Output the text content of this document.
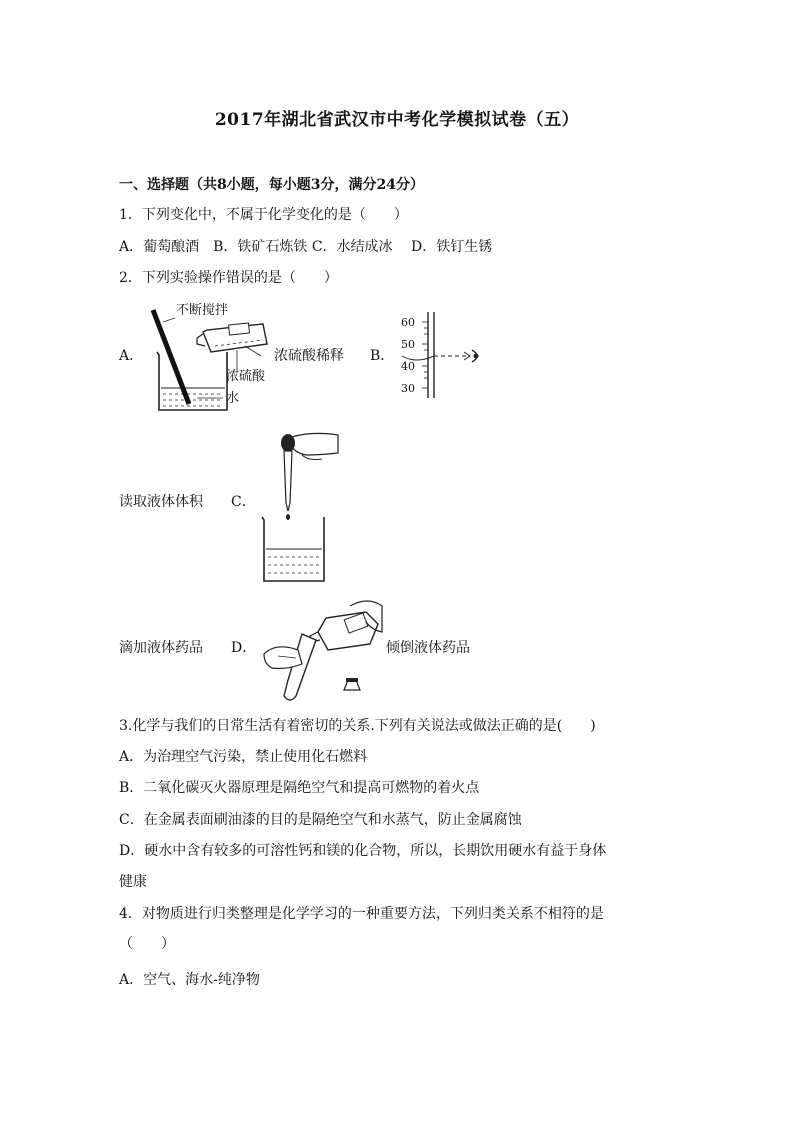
2017年湖北省武汉市中考化学模拟试卷（五）
一、选择题（共8小题，每小题3分，满分24分）
1．下列变化中，不属于化学变化的是（　　）
A．葡萄酿酒　B．铁矿石炼铁 C．水结成冰　 D．铁钉生锈
2．下列实验操作错误的是（　　）
A．
不断搅拌
浓硫酸
水
浓硫酸稀释 B．
60
50
40
30
读取液体体积 C．
滴加液体药品 D．	倾倒液体药品
3.化学与我们的日常生活有着密切的关系.下列有关说法或做法正确的是(　　)
A．为治理空气污染，禁止使用化石燃料
B．二氧化碳灭火器原理是隔绝空气和提高可燃物的着火点
C．在金属表面刷油漆的目的是隔绝空气和水蒸气，防止金属腐蚀
D．硬水中含有较多的可溶性钙和镁的化合物，所以，长期饮用硬水有益于身体
健康
4．对物质进行归类整理是化学学习的一种重要方法，下列归类关系不相符的是
（　　）
A．空气、海水-纯净物
